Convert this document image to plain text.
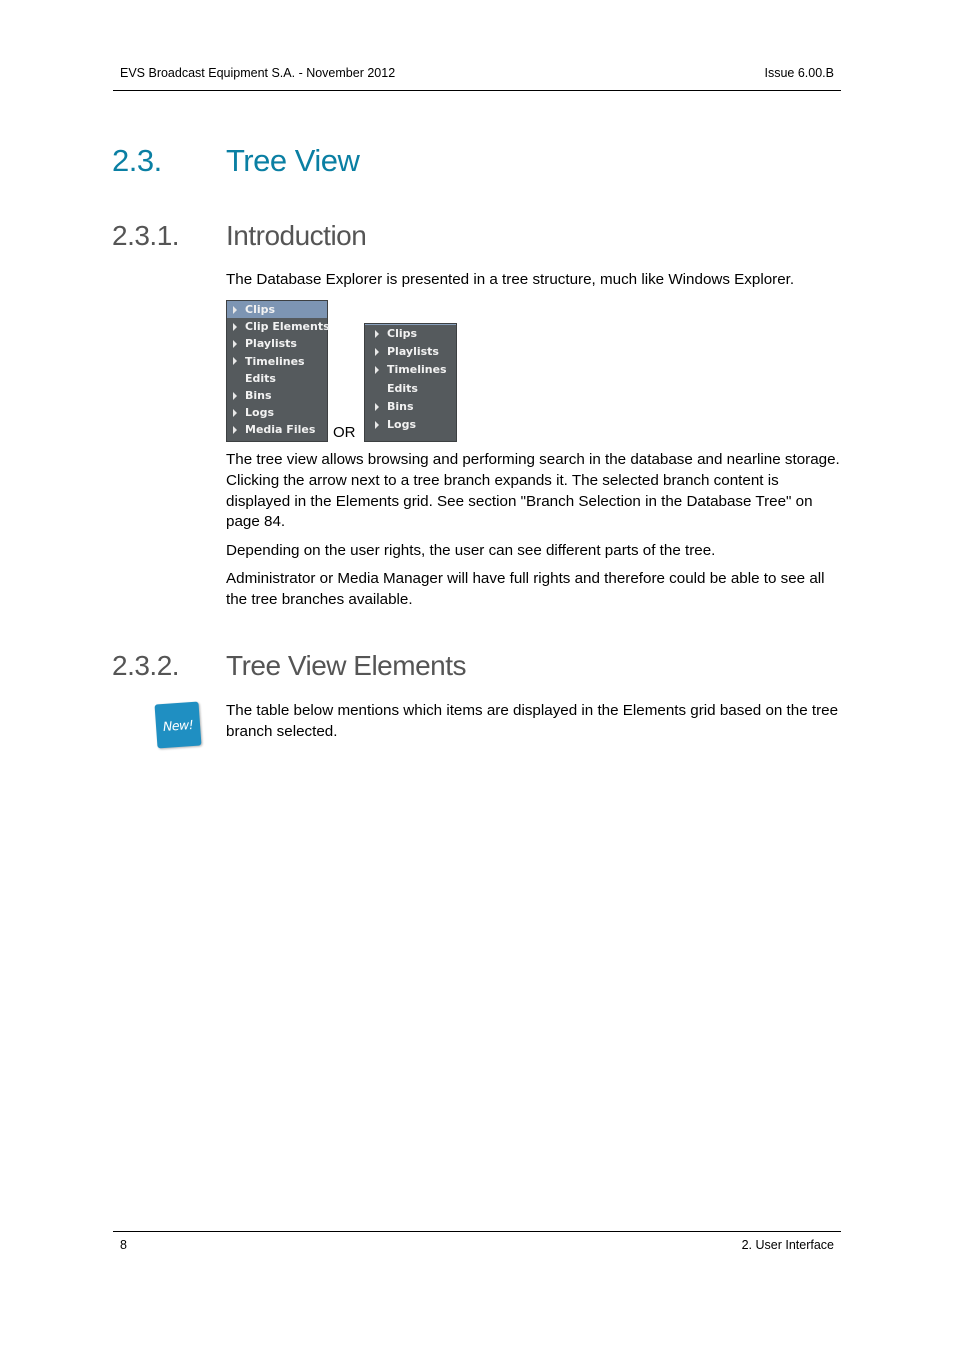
EVS Broadcast Equipment S.A. - November 2012	Issue 6.00.B
2.3. Tree View
2.3.1. Introduction

The Database Explorer is presented in a tree structure, much like Windows Explorer.

Clips
Clip Elements
Playlists
Timelines
Edits
Bins
Logs
Media Files	OR
Clips
Playlists
Timelines
Edits
Bins
Logs

The tree view allows browsing and performing search in the database and nearline storage. Clicking the arrow next to a tree branch expands it. The selected branch content is displayed in the Elements grid. See section "Branch Selection in the Database Tree" on page 84.

Depending on the user rights, the user can see different parts of the tree.

Administrator or Media Manager will have full rights and therefore could be able to see all the tree branches available.

2.3.2. Tree View Elements
New!

The table below mentions which items are displayed in the Elements grid based on the tree branch selected.

8	2. User Interface
